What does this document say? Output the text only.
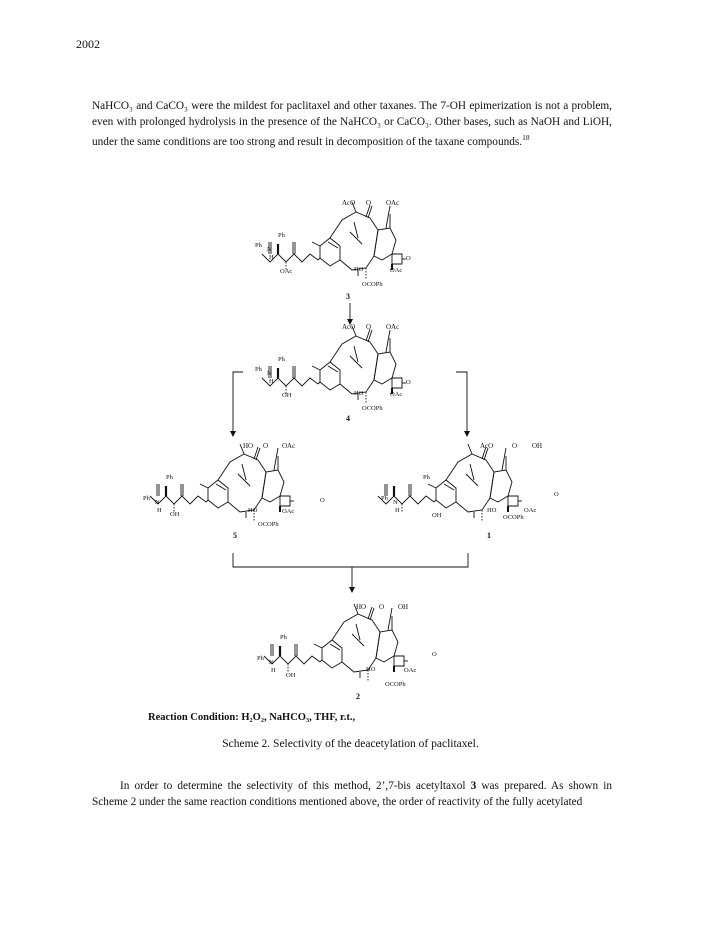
2002
NaHCO₃ and CaCO₃ were the mildest for paclitaxel and other taxanes. The 7-OH epimerization is not a problem, even with prolonged hydrolysis in the presence of the NaHCO₃ or CaCO₃. Other bases, such as NaOH and LiOH, under the same conditions are too strong and result in decomposition of the taxane compounds.$^{18}$
AcO O OAc
Ph
N
H
Ph
OAc	HO
OCOPh
OAc
O
3
AcO O OAc
Ph
N
H
Ph
OH	HO
OCOPh
OAc
O
4
HO O OAc
Ph
N
H
Ph
OH
HO
OCOPh
OAc
O
5
AcO	O OH
Ph
N
H
Ph
OH
HO
OCOPh
OAc
O
1
HO O OH
Ph
N
H
Ph
OH
HO
OCOPh
OAc
O
2
Reaction Condition: H₂O₂, NaHCO₃, THF, r.t.,
Scheme 2. Selectivity of the deacetylation of paclitaxel.
In order to determine the selectivity of this method, 2’,7-bis acetyltaxol 3 was prepared. As shown in Scheme 2 under the same reaction conditions mentioned above, the order of reactivity of the fully acetylated
